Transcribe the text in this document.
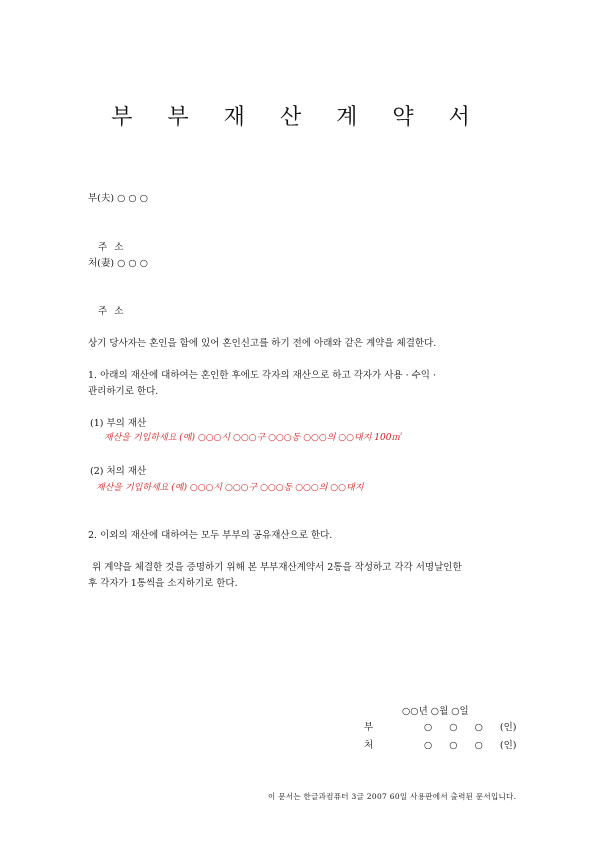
부 부 재 산 계 약 서
부(夫) ○ ○ ○
주 소
처(妻) ○ ○ ○
주 소
상기 당사자는 혼인을 함에 있어 혼인신고를 하기 전에 아래와 같은 계약을 체결한다.
1. 아래의 재산에 대하여는 혼인한 후에도 각자의 재산으로 하고 각자가 사용 · 수익 ·
관리하기로 한다.
(1) 부의 재산
재산을 기입하세요 (예) ○○○시 ○○○구 ○○○동 ○○○의 ○○대지 100㎡
(2) 처의 재산
재산을 기입하세요 (예) ○○○시 ○○○구 ○○○동 ○○○의 ○○대지
2. 이외의 재산에 대하여는 모두 부부의 공유재산으로 한다.
위 계약을 체결한 것을 증명하기 위해 본 부부재산계약서 2통을 작성하고 각각 서명날인한
후 각자가 1통씩을 소지하기로 한다.
○○년 ○월 ○일
부	○ ○ ○ (인)
처	○ ○ ○ (인)
이 문서는 한글과컴퓨터 3글 2007 60일 사용판에서 출력된 문서입니다.
